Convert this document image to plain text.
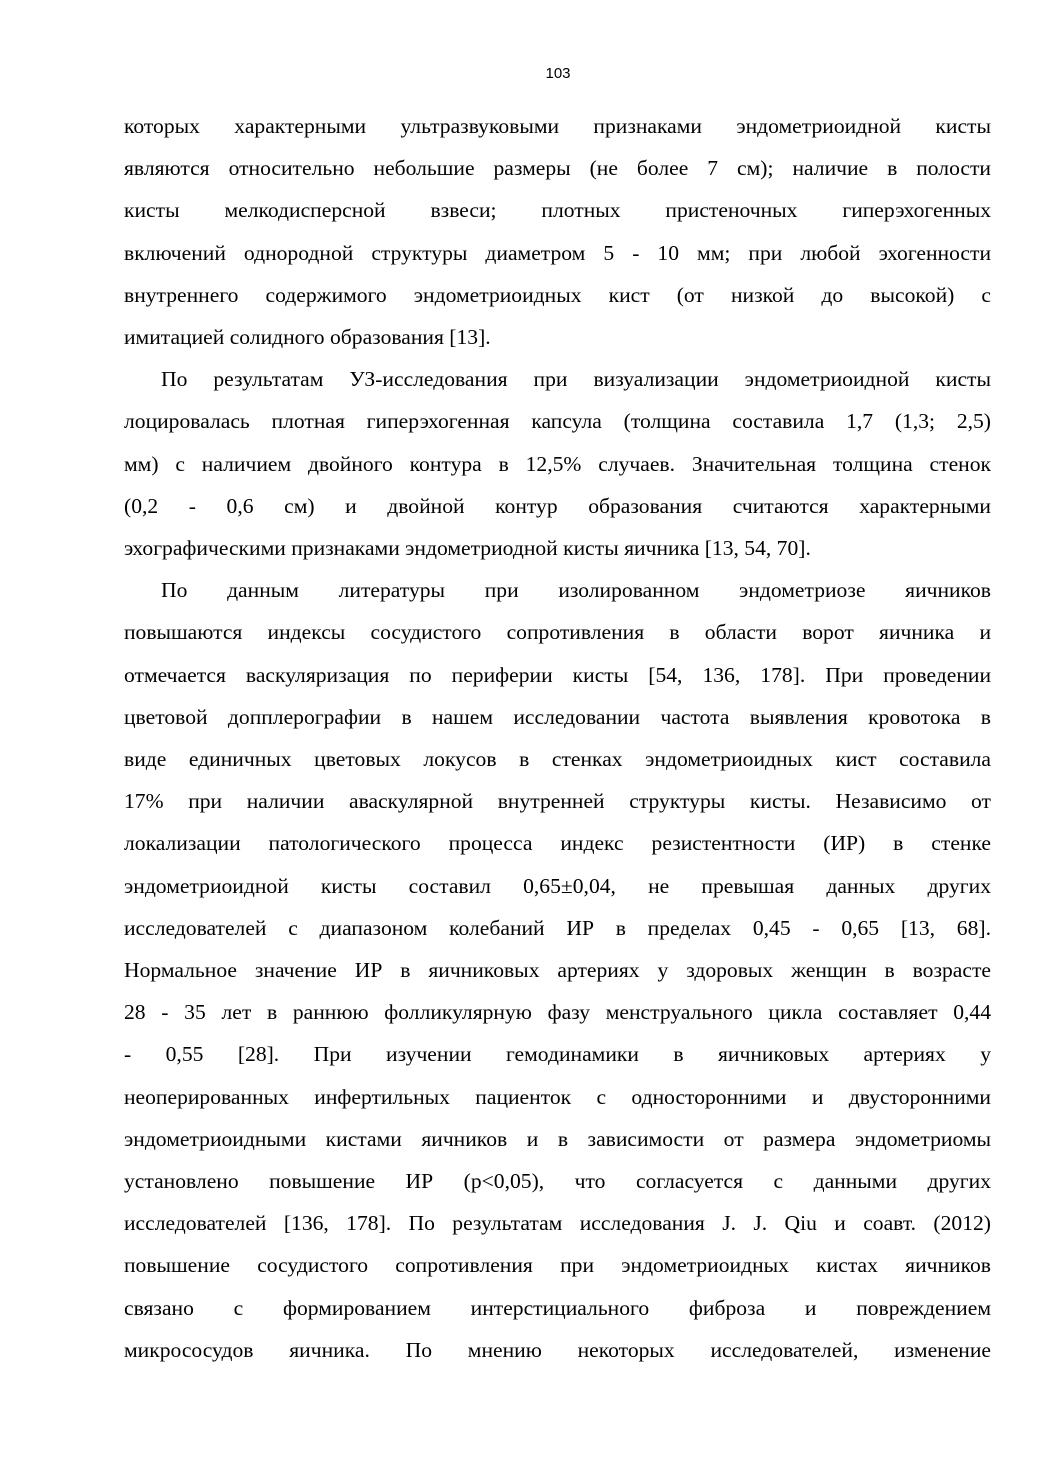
103

которых характерными ультразвуковыми признаками эндометриоидной кисты
являются относительно небольшие размеры (не более 7 см); наличие в полости
кисты мелкодисперсной взвеси; плотных пристеночных гиперэхогенных
включений однородной структуры диаметром 5 - 10 мм; при любой эхогенности
внутреннего содержимого эндометриоидных кист (от низкой до высокой) с
имитацией солидного образования [13].

По результатам УЗ-исследования при визуализации эндометриоидной кисты
лоцировалась плотная гиперэхогенная капсула (толщина составила 1,7 (1,3; 2,5)
мм) с наличием двойного контура в 12,5% случаев. Значительная толщина стенок
(0,2 - 0,6 см) и двойной контур образования считаются характерными
эхографическими признаками эндометриодной кисты яичника [13, 54, 70].

По данным литературы при изолированном эндометриозе яичников
повышаются индексы сосудистого сопротивления в области ворот яичника и
отмечается васкуляризация по периферии кисты [54, 136, 178]. При проведении
цветовой допплерографии в нашем исследовании частота выявления кровотока в
виде единичных цветовых локусов в стенках эндометриоидных кист составила
17% при наличии аваскулярной внутренней структуры кисты. Независимо от
локализации патологического процесса индекс резистентности (ИР) в стенке
эндометриоидной кисты составил 0,65±0,04, не превышая данных других
исследователей с диапазоном колебаний ИР в пределах 0,45 - 0,65 [13, 68].
Нормальное значение ИР в яичниковых артериях у здоровых женщин в возрасте
28 - 35 лет в раннюю фолликулярную фазу менструального цикла составляет 0,44
- 0,55 [28]. При изучении гемодинамики в яичниковых артериях у
неоперированных инфертильных пациенток с односторонними и двусторонними
эндометриоидными кистами яичников и в зависимости от размера эндометриомы
установлено повышение ИР (p<0,05), что согласуется с данными других
исследователей [136, 178]. По результатам исследования J. J. Qiu и соавт. (2012)
повышение сосудистого сопротивления при эндометриоидных кистах яичников
связано с формированием интерстициального фиброза и повреждением
микрососудов яичника. По мнению некоторых исследователей, изменение
